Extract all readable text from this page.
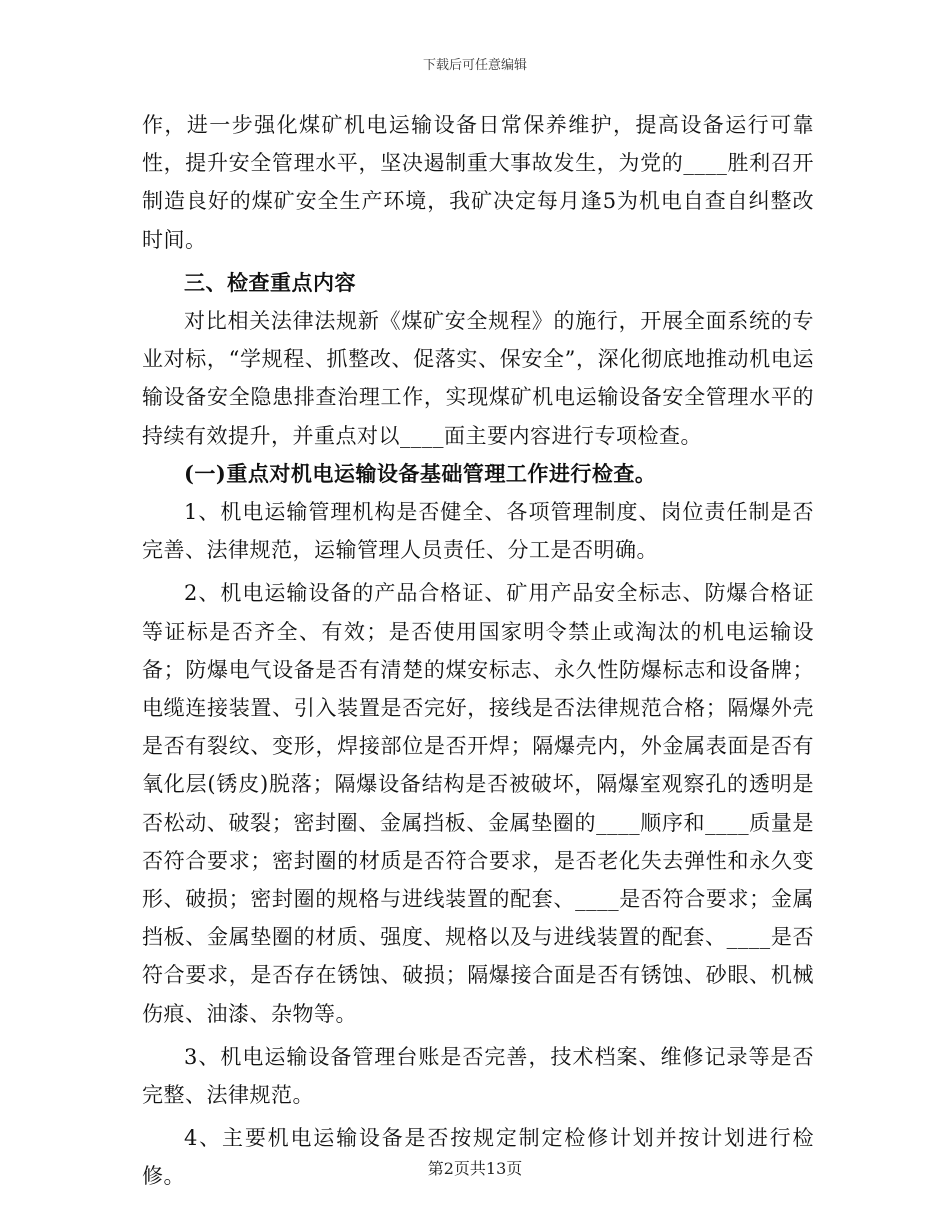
下载后可任意编辑

作，进一步强化煤矿机电运输设备日常保养维护，提高设备运行可靠性，提升安全管理水平，坚决遏制重大事故发生，为党的____胜利召开制造良好的煤矿安全生产环境，我矿决定每月逢5为机电自查自纠整改时间。

三、检查重点内容

对比相关法律法规新《煤矿安全规程》的施行，开展全面系统的专业对标，“学规程、抓整改、促落实、保安全”，深化彻底地推动机电运输设备安全隐患排查治理工作，实现煤矿机电运输设备安全管理水平的持续有效提升，并重点对以____面主要内容进行专项检查。

(一)重点对机电运输设备基础管理工作进行检查。

1、机电运输管理机构是否健全、各项管理制度、岗位责任制是否完善、法律规范，运输管理人员责任、分工是否明确。

2、机电运输设备的产品合格证、矿用产品安全标志、防爆合格证等证标是否齐全、有效；是否使用国家明令禁止或淘汰的机电运输设备；防爆电气设备是否有清楚的煤安标志、永久性防爆标志和设备牌；电缆连接装置、引入装置是否完好，接线是否法律规范合格；隔爆外壳是否有裂纹、变形，焊接部位是否开焊；隔爆壳内，外金属表面是否有氧化层(锈皮)脱落；隔爆设备结构是否被破坏，隔爆室观察孔的透明是否松动、破裂；密封圈、金属挡板、金属垫圈的____顺序和____质量是否符合要求；密封圈的材质是否符合要求，是否老化失去弹性和永久变形、破损；密封圈的规格与进线装置的配套、____是否符合要求；金属挡板、金属垫圈的材质、强度、规格以及与进线装置的配套、____是否符合要求，是否存在锈蚀、破损；隔爆接合面是否有锈蚀、砂眼、机械伤痕、油漆、杂物等。

3、机电运输设备管理台账是否完善，技术档案、维修记录等是否完整、法律规范。

4、主要机电运输设备是否按规定制定检修计划并按计划进行检修。	第2页共13页
